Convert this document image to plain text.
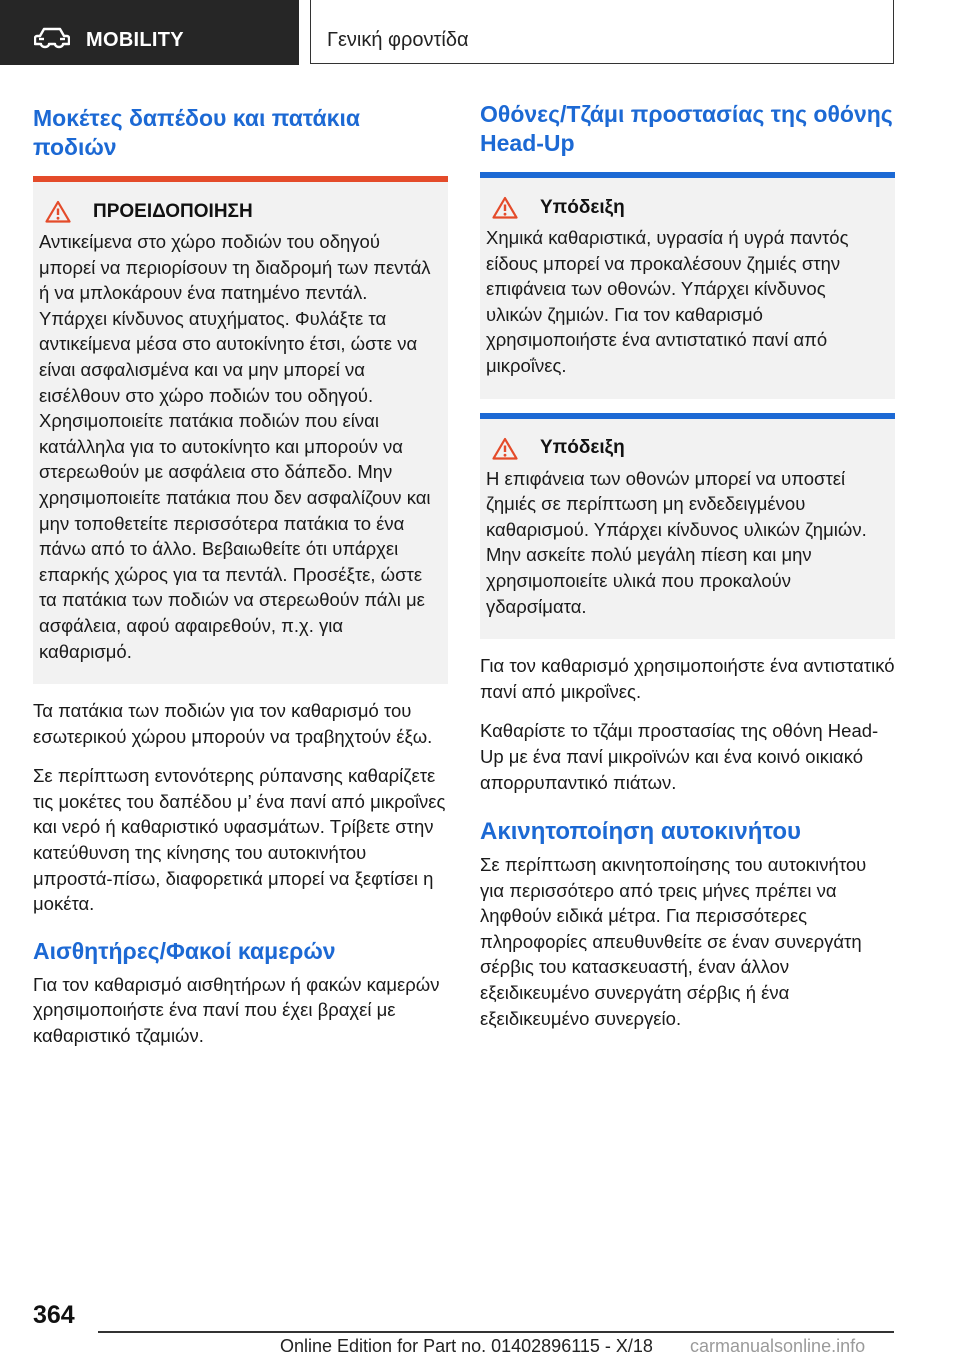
MOBILITY	Γενική φροντίδα
Μοκέτες δαπέδου και πατάκια ποδιών
ΠΡΟΕΙΔΟΠΟΙΗΣΗ

Αντικείμενα στο χώρο ποδιών του οδηγού μπορεί να περιορίσουν τη διαδρομή των πεντάλ ή να μπλοκάρουν ένα πατημένο πεντάλ. Υπάρχει κίνδυνος ατυχήματος. Φυλάξτε τα αντικείμενα μέσα στο αυτοκίνητο έτσι, ώστε να είναι ασφαλισμένα και να μην μπορεί να εισέλθουν στο χώρο ποδιών του οδηγού. Χρησιμοποιείτε πατάκια ποδιών που είναι κατάλληλα για το αυτοκίνητο και μπορούν να στερεωθούν με ασφάλεια στο δάπεδο. Μην χρησιμοποιείτε πατάκια που δεν ασφαλίζουν και μην τοποθετείτε περισσότερα πατάκια το ένα πάνω από το άλλο. Βεβαιωθείτε ότι υπάρχει επαρκής χώρος για τα πεντάλ. Προσέξτε, ώστε τα πατάκια των ποδιών να στερεωθούν πάλι με ασφάλεια, αφού αφαιρεθούν, π.χ. για καθαρισμό.

Τα πατάκια των ποδιών για τον καθαρισμό του εσωτερικού χώρου μπορούν να τραβηχτούν έξω.

Σε περίπτωση εντονότερης ρύπανσης καθαρίζετε τις μοκέτες του δαπέδου μ’ ένα πανί από μικροΐνες και νερό ή καθαριστικό υφασμάτων. Τρίβετε στην κατεύθυνση της κίνησης του αυτοκινήτου μπροστά-πίσω, διαφορετικά μπορεί να ξεφτίσει η μοκέτα.

Αισθητήρες/Φακοί καμερών

Για τον καθαρισμό αισθητήρων ή φακών καμερών χρησιμοποιήστε ένα πανί που έχει βραχεί με καθαριστικό τζαμιών.

Οθόνες/Τζάμι προστασίας της οθόνης Head-Up
Υπόδειξη

Χημικά καθαριστικά, υγρασία ή υγρά παντός είδους μπορεί να προκαλέσουν ζημιές στην επιφάνεια των οθονών. Υπάρχει κίνδυνος υλικών ζημιών. Για τον καθαρισμό χρησιμοποιήστε ένα αντιστατικό πανί από μικροΐνες.

Υπόδειξη

Η επιφάνεια των οθονών μπορεί να υποστεί ζημιές σε περίπτωση μη ενδεδειγμένου καθαρισμού. Υπάρχει κίνδυνος υλικών ζημιών. Μην ασκείτε πολύ μεγάλη πίεση και μην χρησιμοποιείτε υλικά που προκαλούν γδαρσίματα.

Για τον καθαρισμό χρησιμοποιήστε ένα αντιστατικό πανί από μικροΐνες.

Καθαρίστε το τζάμι προστασίας της οθόνη Head-Up με ένα πανί μικροϊνών και ένα κοινό οικιακό απορρυπαντικό πιάτων.

Ακινητοποίηση αυτοκινήτου

Σε περίπτωση ακινητοποίησης του αυτοκινήτου για περισσότερο από τρεις μήνες πρέπει να ληφθούν ειδικά μέτρα. Για περισσότερες πληροφορίες απευθυνθείτε σε έναν συνεργάτη σέρβις του κατασκευαστή, έναν άλλον εξειδικευμένο συνεργάτη σέρβις ή ένα εξειδικευμένο συνεργείο.

364
Online Edition for Part no. 01402896115 - X/18 carmanualsonline.info
